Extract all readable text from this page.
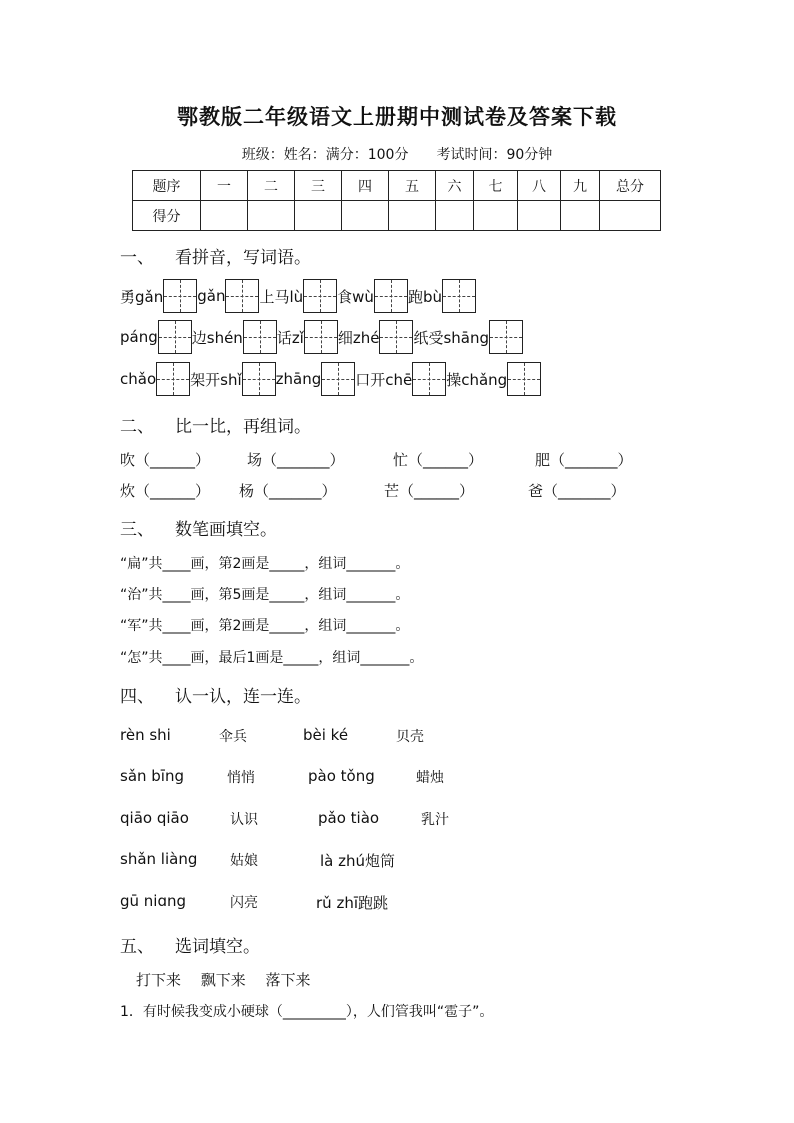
鄂教版二年级语文上册期中测试卷及答案下载
班级：姓名：满分：100分　　考试时间：90分钟
题序	一	二	三	四	五	六	七	八	九	总分
得分										
一、 看拼音，写词语。
勇gǎn gǎn 上马lù 食wù 跑bù
páng 边shén 话zǐ 细zhé 纸受shāng
chǎo 架开shǐ zhāng 口开chē 操chǎng
二、 比一比，再组词。
吹（______） 场（_______）	忙（______）	肥（_______）
炊（______） 杨（_______）	芒（______）	爸（_______）
三、 数笔画填空。
“扁”共____画，第2画是_____，组词_______。
“治”共____画，第5画是_____，组词_______。
“军”共____画，第2画是_____，组词_______。
“怎”共____画，最后1画是_____，组词_______。
四、 认一认，连一连。
rèn shi	伞兵	bèi ké	贝壳
sǎn bīng	悄悄	pào tǒng	蜡烛
qiāo qiāo	认识	pǎo tiào	乳汁
shǎn liàng 姑娘	là zhú炮筒
gū niɑng	闪亮	rǔ zhī跑跳
五、 选词填空。
打下来　 飘下来　 落下来
1．有时候我变成小硬球（_________），人们管我叫“雹子”。
